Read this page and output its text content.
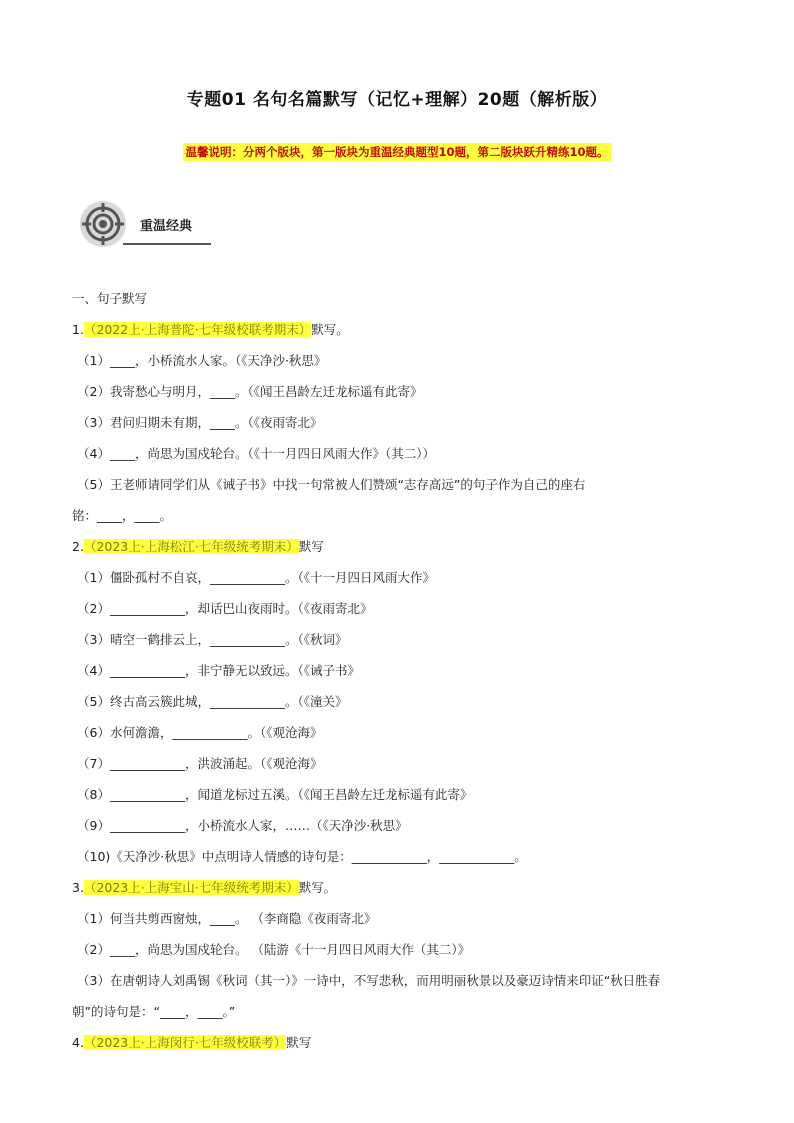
专题01 名句名篇默写（记忆+理解）20题（解析版）
温馨说明：分两个版块，第一版块为重温经典题型10题，第二版块跃升精练10题。
重温经典
一、句子默写
1.（2022上·上海普陀·七年级校联考期末）默写。
（1）____，小桥流水人家。（《天净沙·秋思》
（2）我寄愁心与明月，____。（《闻王昌龄左迁龙标遥有此寄》
（3）君问归期未有期，____。（《夜雨寄北》
（4）____，尚思为国戍轮台。（《十一月四日风雨大作》（其二））
（5）王老师请同学们从《诫子书》中找一句常被人们赞颂“志存高远”的句子作为自己的座右
铭：____，____。
2.（2023上·上海松江·七年级统考期末）默写
（1）僵卧孤村不自哀，____________。（《十一月四日风雨大作》
（2）____________，却话巴山夜雨时。（《夜雨寄北》
（3）晴空一鹤排云上，____________。（《秋词》
（4）____________，非宁静无以致远。（《诫子书》
（5）终古高云簇此城，____________。（《潼关》
（6）水何澹澹，____________。（《观沧海》
（7）____________，洪波涌起。（《观沧海》
（8）____________，闻道龙标过五溪。（《闻王昌龄左迁龙标遥有此寄》
（9）____________，小桥流水人家，……（《天净沙·秋思》
（10)《天净沙·秋思》中点明诗人情感的诗句是：____________，____________。
3.（2023上·上海宝山·七年级统考期末）默写。
（1）何当共剪西窗烛，____。 （李商隐《夜雨寄北》
（2）____，尚思为国戍轮台。 （陆游《十一月四日风雨大作（其二）》
（3）在唐朝诗人刘禹锡《秋词（其一）》一诗中，不写悲秋，而用明丽秋景以及豪迈诗情来印证“秋日胜春
朝”的诗句是：“____，____。”
4.（2023上·上海闵行·七年级校联考）默写
